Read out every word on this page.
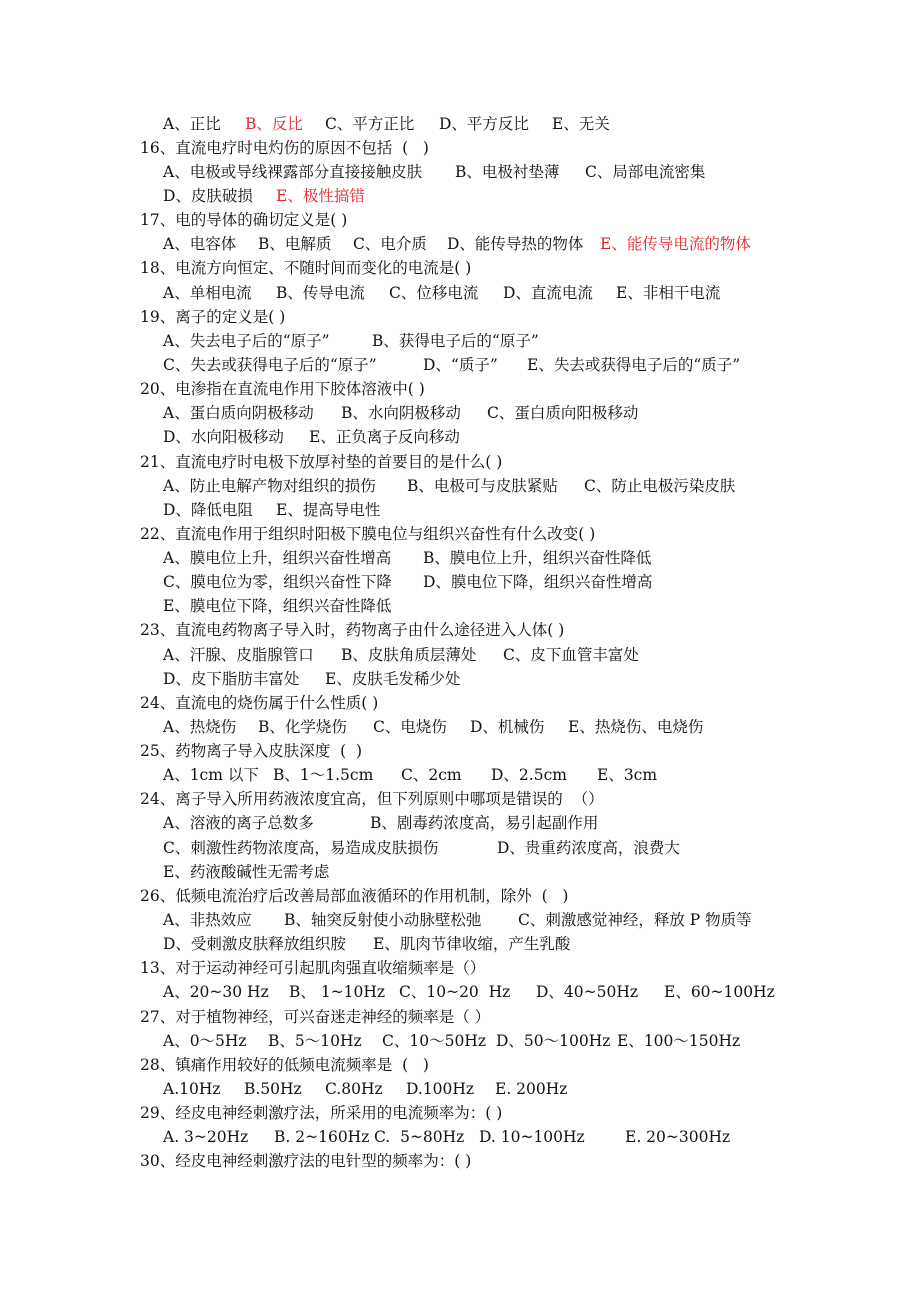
A、正比 B、反比 C、平方正比 D、平方反比 E、无关
16、直流电疗时电灼伤的原因不包括  (   )
A、电极或导线裸露部分直接接触皮肤 B、电极衬垫薄 C、局部电流密集
D、皮肤破损 E、极性搞错
17、电的导体的确切定义是( )
A、电容体 B、电解质 C、电介质 D、能传导热的物体 E、能传导电流的物体
18、电流方向恒定、不随时间而变化的电流是( )
A、单相电流 B、传导电流 C、位移电流 D、直流电流 E、非相干电流
19、离子的定义是( )
A、失去电子后的“原子”	B、获得电子后的“原子”
C、失去或获得电子后的“原子”	D、“质子” E、失去或获得电子后的“质子”
20、电渗指在直流电作用下胶体溶液中( )
A、蛋白质向阴极移动 B、水向阴极移动 C、蛋白质向阳极移动
D、水向阳极移动 E、正负离子反向移动
21、直流电疗时电极下放厚衬垫的首要目的是什么( )
A、防止电解产物对组织的损伤 B、电极可与皮肤紧贴 C、防止电极污染皮肤
D、降低电阻 E、提高导电性
22、直流电作用于组织时阳极下膜电位与组织兴奋性有什么改变( )
A、膜电位上升，组织兴奋性增高 B、膜电位上升，组织兴奋性降低
C、膜电位为零，组织兴奋性下降 D、膜电位下降，组织兴奋性增高
E、膜电位下降，组织兴奋性降低
23、直流电药物离子导入时，药物离子由什么途径进入人体( )
A、汗腺、皮脂腺管口 B、皮肤角质层薄处 C、皮下血管丰富处
D、皮下脂肪丰富处 E、皮肤毛发稀少处
24、直流电的烧伤属于什么性质( )
A、热烧伤 B、化学烧伤 C、电烧伤 D、机械伤 E、热烧伤、电烧伤
25、药物离子导入皮肤深度  (  )
A、1cm 以下 B、1～1.5cm C、2cm D、2.5cm E、3cm
24、离子导入所用药液浓度宜高，但下列原则中哪项是错误的  （）
A、溶液的离子总数多	B、剧毒药浓度高，易引起副作用
C、刺激性药物浓度高，易造成皮肤损伤	D、贵重药浓度高，浪费大
E、药液酸碱性无需考虑
26、低频电流治疗后改善局部血液循环的作用机制，除外  (   )
A、非热效应 B、轴突反射使小动脉壁松弛 C、刺激感觉神经，释放 P 物质等
D、受刺激皮肤释放组织胺 E、肌肉节律收缩，产生乳酸
13、对于运动神经可引起肌肉强直收缩频率是（）
A、20~30 Hz B、 1~10Hz C、10~20  Hz D、40~50Hz E、60~100Hz
27、对于植物神经，可兴奋迷走神经的频率是（ ）
A、0～5Hz B、5～10Hz C、10～50Hz D、50～100Hz E、100～150Hz
28、镇痛作用较好的低频电流频率是  (   )
A.10Hz B.50Hz C.80Hz D.100Hz E. 200Hz
29、经皮电神经刺激疗法，所采用的电流频率为：( )
A. 3~20Hz B. 2~160Hz C.  5~80Hz D. 10~100Hz	E. 20~300Hz
30、经皮电神经刺激疗法的电针型的频率为：( )
